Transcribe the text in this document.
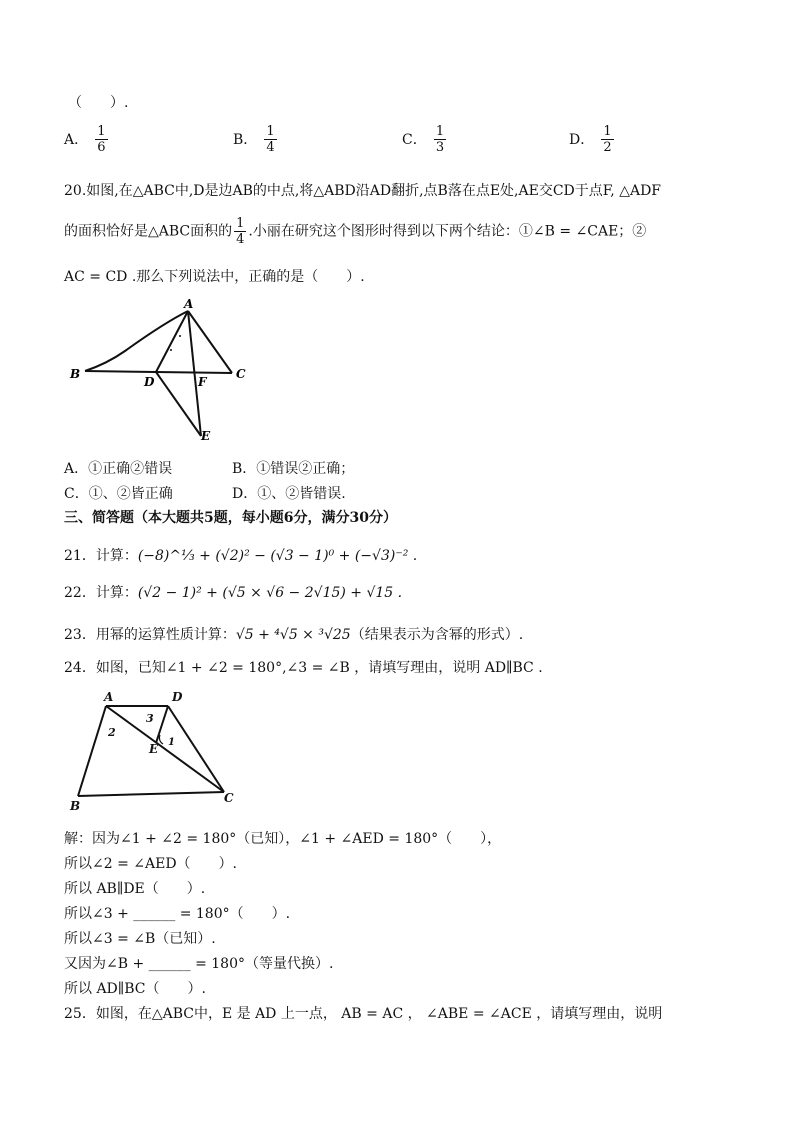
（　　）.
A． $\frac{1}{6}$	B． $\frac{1}{4}$	C． $\frac{1}{3}$	D． $\frac{1}{2}$
20.如图,在△ABC中,D是边AB的中点,将△ABD沿AD翻折,点B落在点E处,AE交CD于点F, △ADF
的面积恰好是△ABC面积的 $\frac{1}{4}$ .小丽在研究这个图形时得到以下两个结论：①∠B = ∠CAE；②
AC = CD .那么下列说法中，正确的是（　　）.
A
B	C
D	F
E
A．①正确②错误	B．①错误②正确；
C．①、②皆正确	D．①、②皆错误.
三、简答题（本大题共5题，每小题6分，满分30分）
21．计算：(−8)^⅓ + (√2)² − (√3 − 1)⁰ + (−√3)⁻² .
22．计算：(√2 − 1)² + (√5 × √6 − 2√15) + √15 .
23．用幂的运算性质计算：√5 + ⁴√5 × ³√25（结果表示为含幂的形式）.
24．如图，已知∠1 + ∠2 = 180°,∠3 = ∠B ，请填写理由，说明 AD∥BC .
A	D
B
C
E 1
2
3
解：因为∠1 + ∠2 = 180°（已知），∠1 + ∠AED = 180°（　　），
所以∠2 = ∠AED（　　）.
所以 AB∥DE（　　）.
所以∠3 + ______ = 180°（　　）.
所以∠3 = ∠B（已知）.
又因为∠B + ______ = 180°（等量代换）.
所以 AD∥BC（　　）.
25．如图，在△ABC中，E 是 AD 上一点， AB = AC ， ∠ABE = ∠ACE ，请填写理由，说明
